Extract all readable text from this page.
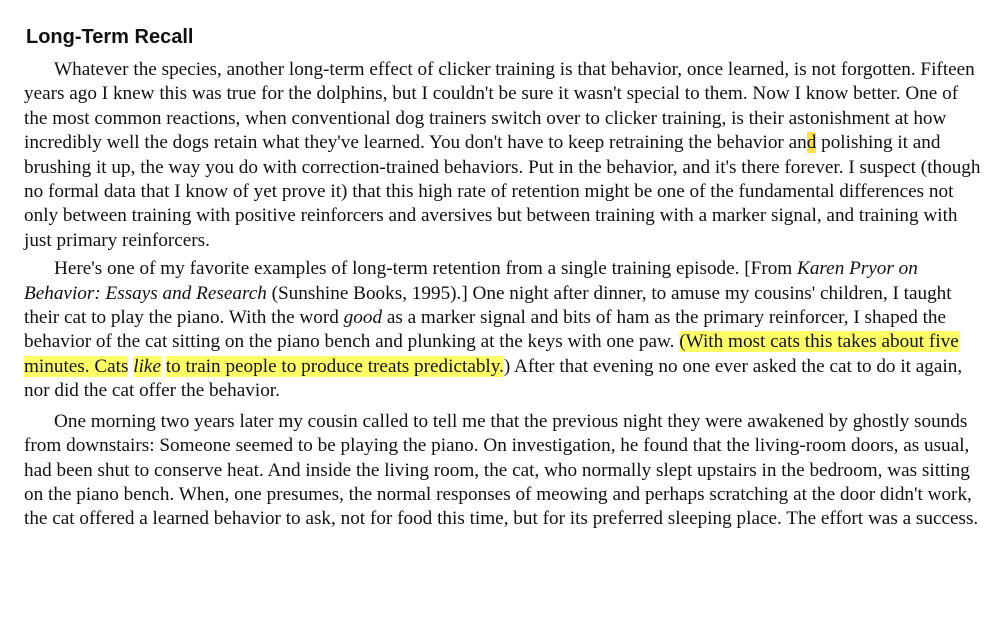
Long-Term Recall

Whatever the species, another long-term effect of clicker training is that behavior, once learned, is not forgotten. Fifteen years ago I knew this was true for the dolphins, but I couldn't be sure it wasn't special to them. Now I know better. One of the most common reactions, when conventional dog trainers switch over to clicker training, is their astonishment at how incredibly well the dogs retain what they've learned. You don't have to keep retraining the behavior and polishing it and brushing it up, the way you do with correction-trained behaviors. Put in the behavior, and it's there forever. I suspect (though no formal data that I know of yet prove it) that this high rate of retention might be one of the fundamental differences not only between training with positive reinforcers and aversives but between training with a marker signal, and training with just primary reinforcers.

Here's one of my favorite examples of long-term retention from a single training episode. [From Karen Pryor on Behavior: Essays and Research (Sunshine Books, 1995).] One night after dinner, to amuse my cousins' children, I taught their cat to play the piano. With the word good as a marker signal and bits of ham as the primary reinforcer, I shaped the behavior of the cat sitting on the piano bench and plunking at the keys with one paw. (With most cats this takes about five minutes. Cats like to train people to produce treats predictably.) After that evening no one ever asked the cat to do it again, nor did the cat offer the behavior.

One morning two years later my cousin called to tell me that the previous night they were awakened by ghostly sounds from downstairs: Someone seemed to be playing the piano. On investigation, he found that the living-room doors, as usual, had been shut to conserve heat. And inside the living room, the cat, who normally slept upstairs in the bedroom, was sitting on the piano bench. When, one presumes, the normal responses of meowing and perhaps scratching at the door didn't work, the cat offered a learned behavior to ask, not for food this time, but for its preferred sleeping place. The effort was a success.
